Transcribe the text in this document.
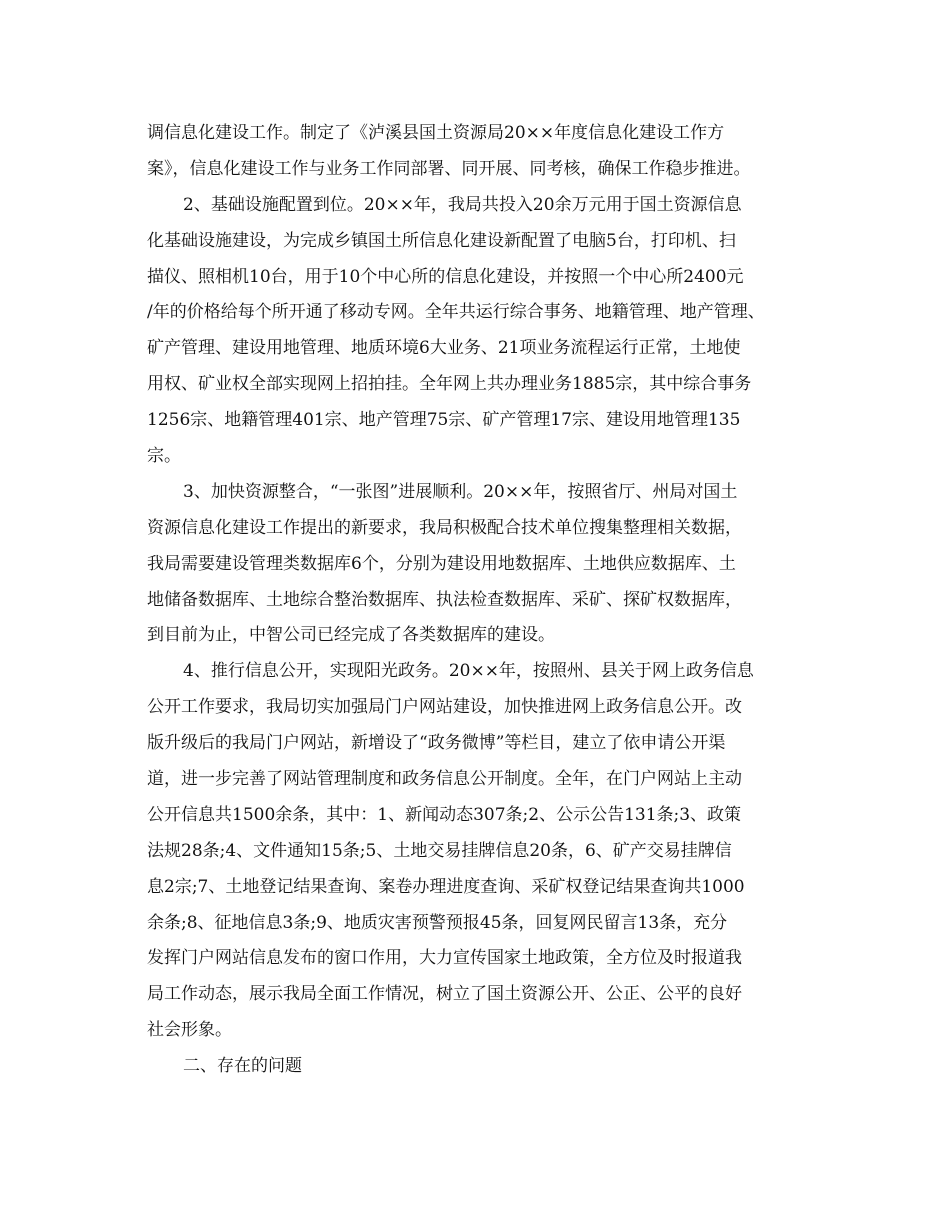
调信息化建设工作。制定了《泸溪县国土资源局20××年度信息化建设工作方
案》，信息化建设工作与业务工作同部署、同开展、同考核，确保工作稳步推进。
2、基础设施配置到位。20××年，我局共投入20余万元用于国土资源信息
化基础设施建设，为完成乡镇国土所信息化建设新配置了电脑5台，打印机、扫
描仪、照相机10台，用于10个中心所的信息化建设，并按照一个中心所2400元
/年的价格给每个所开通了移动专网。全年共运行综合事务、地籍管理、地产管理、
矿产管理、建设用地管理、地质环境6大业务、21项业务流程运行正常，土地使
用权、矿业权全部实现网上招拍挂。全年网上共办理业务1885宗，其中综合事务
1256宗、地籍管理401宗、地产管理75宗、矿产管理17宗、建设用地管理135
宗。
3、加快资源整合，“一张图”进展顺利。20××年，按照省厅、州局对国土
资源信息化建设工作提出的新要求，我局积极配合技术单位搜集整理相关数据，
我局需要建设管理类数据库6个，分别为建设用地数据库、土地供应数据库、土
地储备数据库、土地综合整治数据库、执法检查数据库、采矿、探矿权数据库，
到目前为止，中智公司已经完成了各类数据库的建设。
4、推行信息公开，实现阳光政务。20××年，按照州、县关于网上政务信息
公开工作要求，我局切实加强局门户网站建设，加快推进网上政务信息公开。改
版升级后的我局门户网站，新增设了“政务微博”等栏目，建立了依申请公开渠
道，进一步完善了网站管理制度和政务信息公开制度。全年，在门户网站上主动
公开信息共1500余条，其中：1、新闻动态307条;2、公示公告131条;3、政策
法规28条;4、文件通知15条;5、土地交易挂牌信息20条，6、矿产交易挂牌信
息2宗;7、土地登记结果查询、案卷办理进度查询、采矿权登记结果查询共1000
余条;8、征地信息3条;9、地质灾害预警预报45条，回复网民留言13条，充分
发挥门户网站信息发布的窗口作用，大力宣传国家土地政策，全方位及时报道我
局工作动态，展示我局全面工作情况，树立了国土资源公开、公正、公平的良好
社会形象。
二、存在的问题
